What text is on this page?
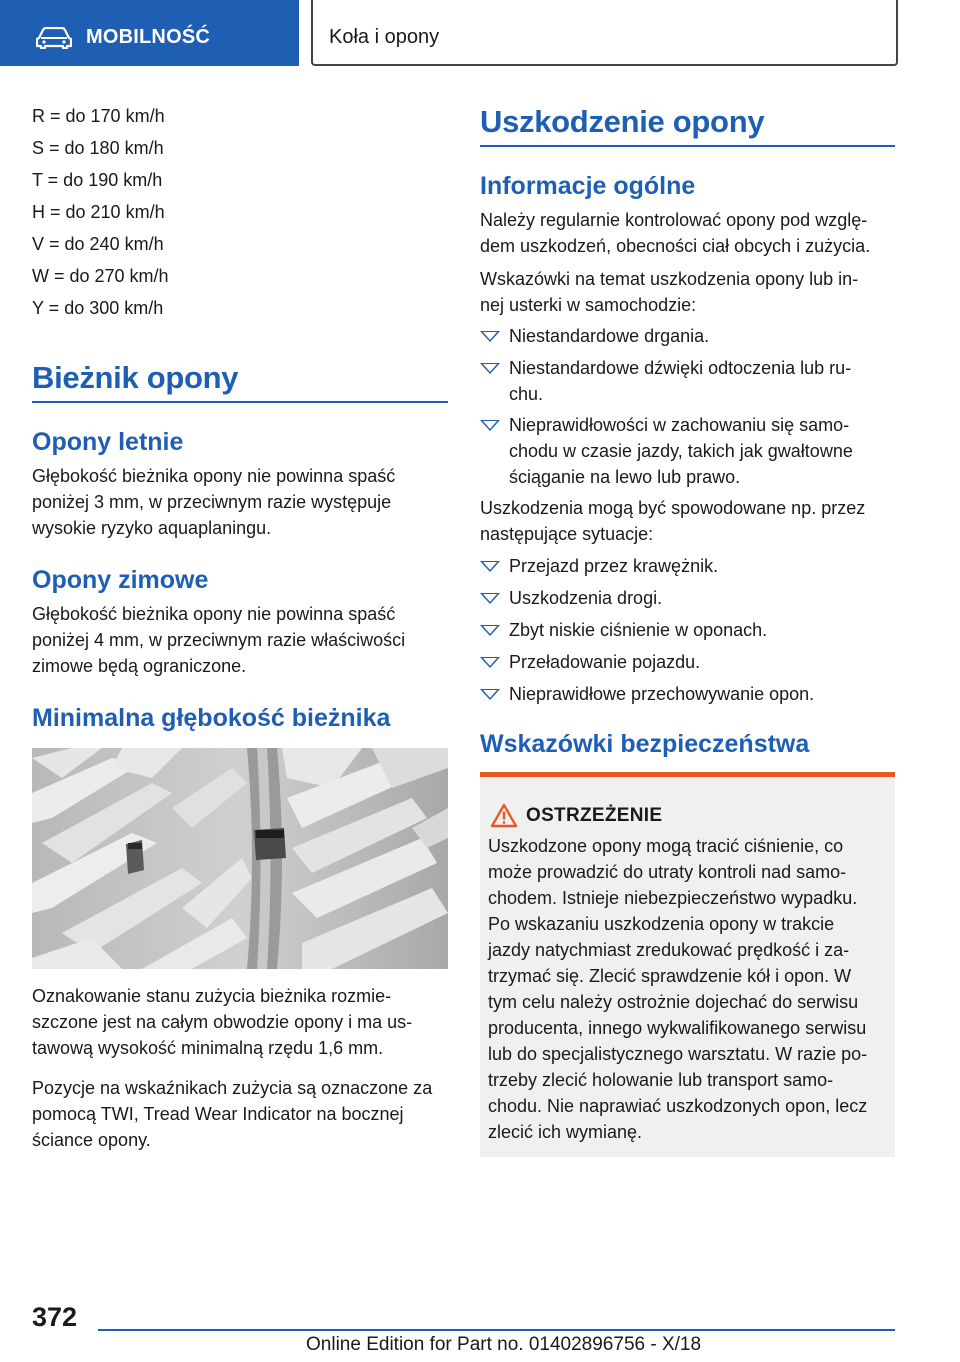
MOBILNOŚĆ	Koła i opony
R = do 170 km/h
S = do 180 km/h
T = do 190 km/h
H = do 210 km/h
V = do 240 km/h
W = do 270 km/h
Y = do 300 km/h
Bieżnik opony
Opony letnie
Głębokość bieżnika opony nie powinna spaść
poniżej 3 mm, w przeciwnym razie występuje
wysokie ryzyko aquaplaningu.
Opony zimowe
Głębokość bieżnika opony nie powinna spaść
poniżej 4 mm, w przeciwnym razie właściwości
zimowe będą ograniczone.
Minimalna głębokość bieżnika
Oznakowanie stanu zużycia bieżnika rozmie-
szczone jest na całym obwodzie opony i ma us-
tawową wysokość minimalną rzędu 1,6 mm.
Pozycje na wskaźnikach zużycia są oznaczone za
pomocą TWI, Tread Wear Indicator na bocznej
ściance opony.
Uszkodzenie opony
Informacje ogólne
Należy regularnie kontrolować opony pod wzglę-
dem uszkodzeń, obecności ciał obcych i zużycia.
Wskazówki na temat uszkodzenia opony lub in-
nej usterki w samochodzie:
Niestandardowe drgania.
Niestandardowe dźwięki odtoczenia lub ru-
chu.
Nieprawidłowości w zachowaniu się samo-
chodu w czasie jazdy, takich jak gwałtowne
ściąganie na lewo lub prawo.
Uszkodzenia mogą być spowodowane np. przez
następujące sytuacje:
Przejazd przez krawężnik.
Uszkodzenia drogi.
Zbyt niskie ciśnienie w oponach.
Przeładowanie pojazdu.
Nieprawidłowe przechowywanie opon.
Wskazówki bezpieczeństwa
OSTRZEŻENIE
Uszkodzone opony mogą tracić ciśnienie, co
może prowadzić do utraty kontroli nad samo-
chodem. Istnieje niebezpieczeństwo wypadku.
Po wskazaniu uszkodzenia opony w trakcie
jazdy natychmiast zredukować prędkość i za-
trzymać się. Zlecić sprawdzenie kół i opon. W
tym celu należy ostrożnie dojechać do serwisu
producenta, innego wykwalifikowanego serwisu
lub do specjalistycznego warsztatu. W razie po-
trzeby zlecić holowanie lub transport samo-
chodu. Nie naprawiać uszkodzonych opon, lecz
zlecić ich wymianę.
372
Online Edition for Part no. 01402896756 - X/18
